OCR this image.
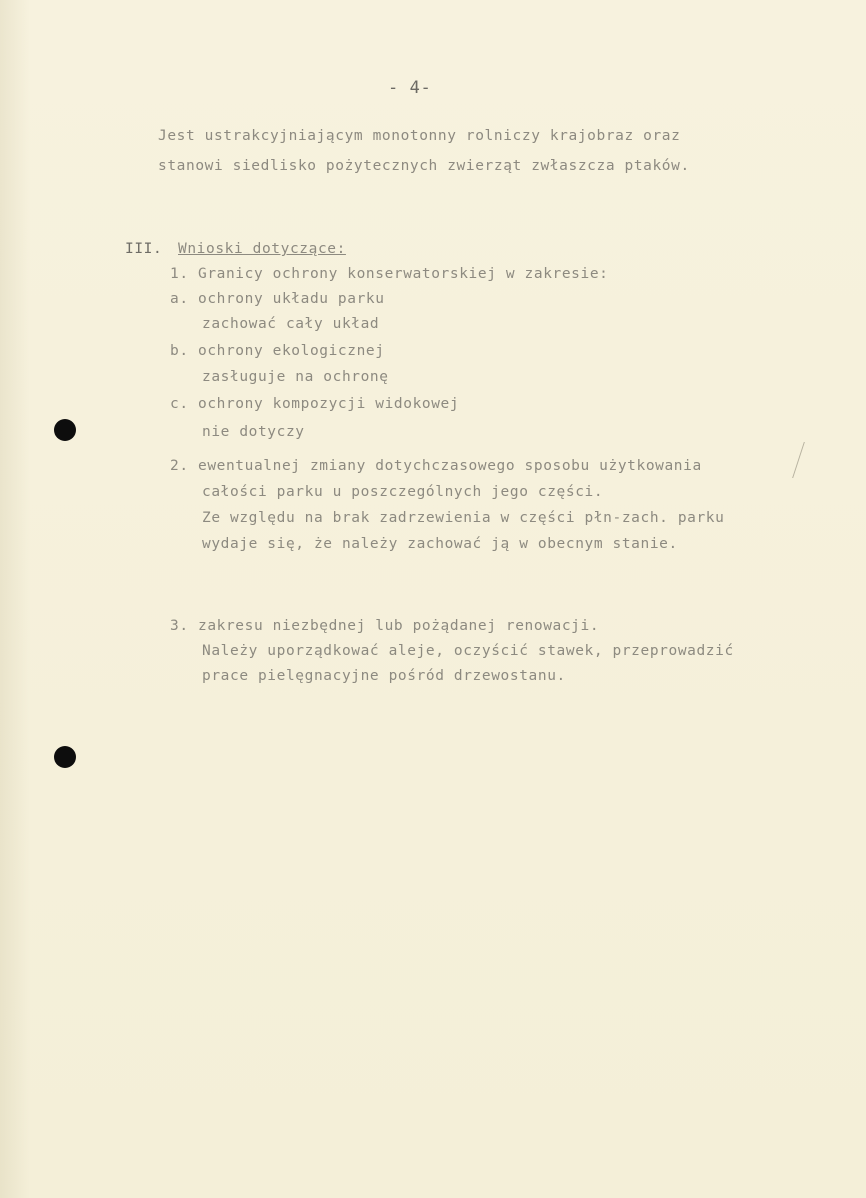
- 4-
Jest ustrakcyjniającym monotonny rolniczy krajobraz oraz
stanowi siedlisko pożytecznych zwierząt zwłaszcza ptaków.
III. Wnioski dotyczące:
1. Granicy ochrony konserwatorskiej w zakresie:
a. ochrony układu parku
zachować cały układ
b. ochrony ekologicznej
zasługuje na ochronę
c. ochrony kompozycji widokowej
nie dotyczy
2. ewentualnej zmiany dotychczasowego sposobu użytkowania
całości parku u poszczególnych jego części.
Ze względu na brak zadrzewienia w części płn-zach. parku
wydaje się, że należy zachować ją w obecnym stanie.
3. zakresu niezbędnej lub pożądanej renowacji.
Należy uporządkować aleje, oczyścić stawek, przeprowadzić
prace pielęgnacyjne pośród drzewostanu.
